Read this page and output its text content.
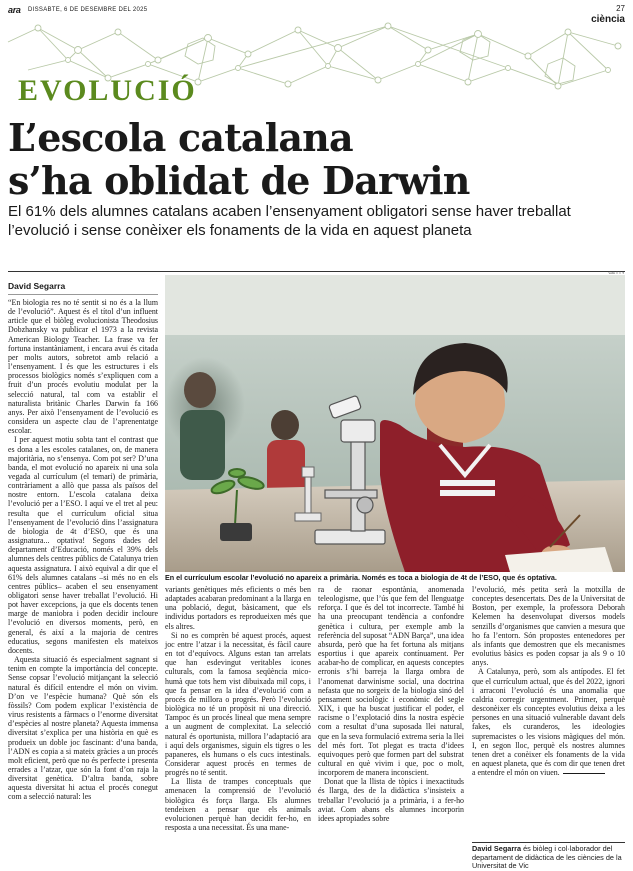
ara DISSABTE, 6 DE DESEMBRE DEL 2025	27
ciència
EVOLUCIÓ
L’escola catalana
s’ha oblidat de Darwin

El 61% dels alumnes catalans acaben l’ensenyament obligatori sense haver treballat l’evolució i sense conèixer els fonaments de la vida en aquest planeta

David Segarra
GETTY
En el currículum escolar l’evolució no apareix a primària. Només es toca a biologia de 4t de l’ESO, que és optativa.

“En biologia res no té sentit si no és a la llum de l’evolució”. Aquest és el títol d’un influent article que el biòleg evolucionista Theodosius Dobzhansky va publicar el 1973 a la revista American Biology Teacher. La frase va fer fortuna instantàniament, i encara avui és citada per molts autors, sobretot amb relació a l’ensenyament. I és que les estructures i els processos biològics només s’expliquen com a fruit d’un procés evolutiu modulat per la selecció natural, tal com va establir el naturalista britànic Charles Darwin fa 166 anys. Per això l’ensenyament de l’evolució es considera un aspecte clau de l’aprenentatge escolar.

I per aquest motiu sobta tant el contrast que es dona a les escoles catalanes, on, de manera majoritària, no s’ensenya. Com pot ser? D’una banda, el mot evolució no apareix ni una sola vegada al currículum (el temari) de primària, contràriament a allò que passa als països del nostre entorn. L’escola catalana deixa l’evolució per a l’ESO. I aquí ve el tret al peu: resulta que el currículum oficial situa l’ensenyament de l’evolució dins l’assignatura de biologia de 4t d’ESO, que és una assignatura... optativa! Segons dades del departament d’Educació, només el 39% dels alumnes dels centres públics de Catalunya trien aquesta assignatura. I això equival a dir que el 61% dels alumnes catalans –si més no en els centres públics– acaben el seu ensenyament obligatori sense haver treballat l’evolució. Hi pot haver excepcions, ja que els docents tenen marge de maniobra i poden decidir incloure l’evolució en diversos moments, però, en general, és així a la majoria de centres educatius, segons manifesten els mateixos docents.

Aquesta situació és especialment sagnant si tenim en compte la importància del concepte. Sense copsar l’evolució mitjançant la selecció natural és difícil entendre el món on vivim. D’on ve l’espècie humana? Què són els fòssils? Com podem explicar l’existència de virus resistents a fàrmacs o l’enorme diversitat d’espècies al nostre planeta? Aquesta immensa diversitat s’explica per una història en què es produeix un doble joc fascinant: d’una banda, l’ADN es copia a si mateix gràcies a un procés molt eficient, però que no és perfecte i presenta errades a l’atzar, que són la font d’on raja la diversitat genètica. D’altra banda, sobre aquesta diversitat hi actua el procés conegut com a selecció natural: les

variants genètiques més eficients o més ben adaptades acabaran predominant a la llarga en una població, degut, bàsicament, que els individus portadors es reprodueixen més que els altres.

Si no es comprèn bé aquest procés, aquest joc entre l’atzar i la necessitat, és fàcil caure en tot d’equívocs. Alguns estan tan arrelats que han esdevingut veritables icones culturals, com la famosa seqüència mico-humà que tots hem vist dibuixada mil cops, i que fa pensar en la idea d’evolució com a procés de millora o progrés. Però l’evolució biològica no té un propòsit ni una direcció. Tampoc és un procés lineal que mena sempre a un augment de complexitat. La selecció natural és oportunista, millora l’adaptació ara i aquí dels organismes, siguin els tigres o les papaneres, els humans o els cucs intestinals. Considerar aquest procés en termes de progrés no té sentit.

La llista de trampes conceptuals que amenacen la comprensió de l’evolució biològica és força llarga. Els alumnes tendeixen a pensar que els animals evolucionen perquè han decidit fer-ho, en resposta a una necessitat. És una mane-

ra de raonar espontània, anomenada teleologisme, que l’ús que fem del llenguatge reforça. I que és del tot incorrecte. També hi ha una preocupant tendència a confondre genètica i cultura, per exemple amb la referència del suposat “ADN Barça”, una idea absurda, però que ha fet fortuna als mitjans esportius i que apareix contínuament. Per acabar-ho de complicar, en aquests conceptes erronis s’hi barreja la llarga ombra de l’anomenat darwinisme social, una doctrina nefasta que no sorgeix de la biologia sinó del pensament sociològic i econòmic del segle XIX, i que ha buscat justificar el poder, el racisme o l’explotació dins la nostra espècie com a resultat d’una suposada llei natural, que en la seva formulació extrema seria la llei del més fort. Tot plegat es tracta d’idees equivoques però que formen part del substrat cultural en què vivim i que, poc o molt, incorporem de manera inconscient.

Donat que la llista de tòpics i inexactituds és llarga, des de la didàctica s’insisteix a treballar l’evolució ja a primària, i a fer-ho aviat. Com abans els alumnes incorporin idees apropiades sobre

l’evolució, més petita serà la motxilla de conceptes desencertats. Des de la Universitat de Boston, per exemple, la professora Deborah Kelemen ha desenvolupat diversos models senzills d’organismes que canvien a mesura que ho fa l’entorn. Són propostes entenedores per als infants que demostren que els mecanismes evolutius bàsics es poden copsar ja als 9 o 10 anys.

A Catalunya, però, som als antípodes. El fet que el currículum actual, que és del 2022, ignori i arraconi l’evolució és una anomalia que caldria corregir urgentment. Primer, perquè desconèixer els conceptes evolutius deixa a les persones en una situació vulnerable davant dels fakes, els curanderos, les ideologies supremacistes o les visions màgiques del món. I, en segon lloc, perquè els nostres alumnes tenen dret a conèixer els fonaments de la vida en aquest planeta, que és com dir que tenen dret a entendre el món on viuen.

David Segarra és biòleg i col·laborador del departament de didàctica de les ciències de la Universitat de Vic
